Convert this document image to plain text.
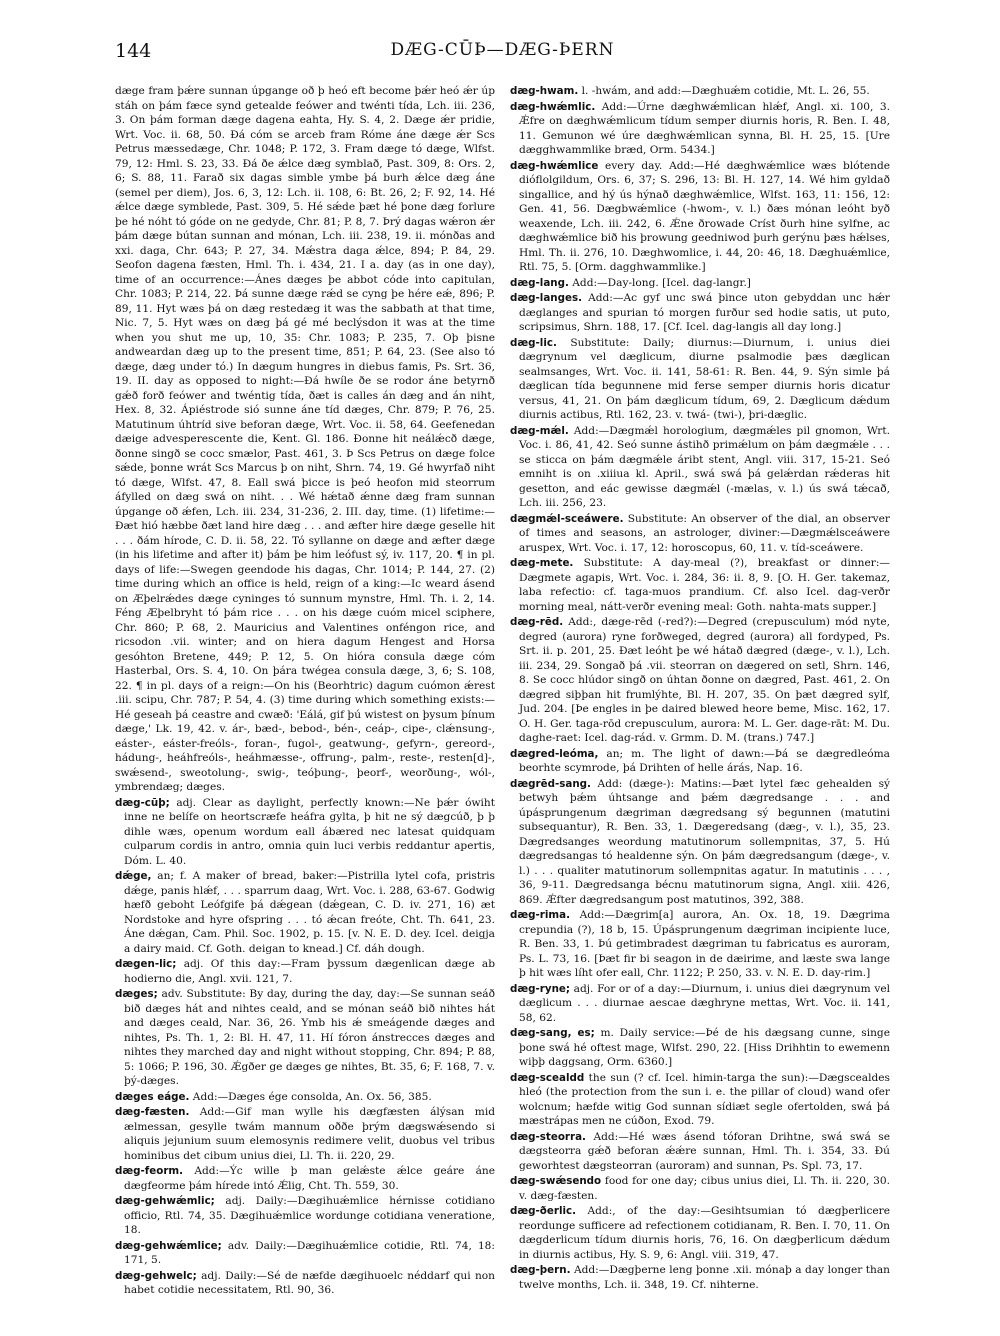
144	DÆG-CŪÞ—DÆG-ÞERN

dæge fram þǽre sunnan úpgange oð þ heó eft become þǽr heó ǽr úp stáh on þám fæce synd getealde feówer and twénti tída, Lch. iii. 236, 3. On þám forman dæge dagena eahta, Hy. S. 4, 2. Dæge ǽr pridie, Wrt. Voc. ii. 68, 50. Ðá cóm se arceb fram Róme áne dæge ǽr Scs Petrus mæssedæge, Chr. 1048; P. 172, 3. Fram dæge tó dæge, Wlfst. 79, 12: Hml. S. 23, 33. Ðá ðe ǽlce dæg symblað, Past. 309, 8: Ors. 2, 6; S. 88, 11. Farað six dagas simble ymbe þá burh ǽlce dæg áne (semel per diem), Jos. 6, 3, 12: Lch. ii. 108, 6: Bt. 26, 2; F. 92, 14. Hé ǽlce dæge symblede, Past. 309, 5. Hé sǽde þæt hé þone dæg forlure þe hé nóht tó góde on ne gedyde, Chr. 81; P. 8, 7. Þrý dagas wǽron ǽr þám dæge bútan sunnan and mónan, Lch. iii. 238, 19. ii. mónðas and xxi. daga, Chr. 643; P. 27, 34. Mǽstra daga ǽlce, 894; P. 84, 29. Seofon dagena fæsten, Hml. Th. i. 434, 21. I a. day (as in one day), time of an occurrence:—Ánes dæges þe abbot códe into capitulan, Chr. 1083; P. 214, 22. Þá sunne dæge rǽd se cyng þe hére eǽ, 896; P. 89, 11. Hyt wæs þá on dæg restedæg it was the sabbath at that time, Nic. 7, 5. Hyt wæs on dæg þá gé mé beclýsdon it was at the time when you shut me up, 10, 35: Chr. 1083; P. 235, 7. Oþ þisne andweardan dæg up to the present time, 851; P. 64, 23. (See also tó dæge, dæg under tó.) In dægum hungres in diebus famis, Ps. Srt. 36, 19. II. day as opposed to night:—Ðá hwíle ðe se rodor áne betyrnð gǽð forð feówer and twéntig tída, ðæt is calles án dæg and án niht, Hex. 8, 32. Ápiéstrode sió sunne áne tíd dæges, Chr. 879; P. 76, 25. Matutinum úhtríd sive beforan dæge, Wrt. Voc. ii. 58, 64. Geefenedan dæige advesperescente die, Kent. Gl. 186. Ðonne hit neálǽcð dæge, ðonne singð se cocc smælor, Past. 461, 3. Þ Scs Petrus on dæge folce sǽde, þonne wrát Scs Marcus þ on niht, Shrn. 74, 19. Gé hwyrfað niht tó dæge, Wlfst. 47, 8. Eall swá þicce is þeó heofon mid steorrum áfylled on dæg swá on niht. . . Wé hǽtað ǽnne dæg fram sunnan úpgange oð ǽfen, Lch. iii. 234, 31-236, 2. III. day, time. (1) lifetime:—Ðæt hió hæbbe ðæt land hire dæg . . . and æfter hire dæge geselle hit . . . ðám hírode, C. D. ii. 58, 22. Tó syllanne on dæge and æfter dæge (in his lifetime and after it) þám þe him leófust sý, iv. 117, 20. ¶ in pl. days of life:—Swegen geendode his dagas, Chr. 1014; P. 144, 27. (2) time during which an office is held, reign of a king:—Ic weard ásend on Æþelrǽdes dæge cyninges tó sunnum mynstre, Hml. Th. i. 2, 14. Féng Æþelbryht tó þám rice . . . on his dæge cuóm micel sciphere, Chr. 860; P. 68, 2. Mauricius and Valentines onféngon rice, and ricsodon .vii. winter; and on hiera dagum Hengest and Horsa gesóhton Bretene, 449; P. 12, 5. On hióra consula dæge cóm Hasterbal, Ors. S. 4, 10. On þára twégea consula dæge, 3, 6; S. 108, 22. ¶ in pl. days of a reign:—On his (Beorhtric) dagum cuómon ǽrest .iii. scipu, Chr. 787; P. 54, 4. (3) time during which something exists:—Hé geseah þá ceastre and cwæð: 'Eálá, gif þú wistest on þysum þínum dæge,' Lk. 19, 42. v. ár-, bæd-, bebod-, bén-, ceáp-, cipe-, clǽnsung-, eáster-, eáster-freóls-, foran-, fugol-, geatwung-, gefyrn-, gereord-, hádung-, heáhfreóls-, heáhmæsse-, offrung-, palm-, reste-, resten[d]-, swǽsend-, sweotolung-, swig-, teóþung-, þeorf-, weorðung-, wól-, ymbrendæg; dæges.

dæg-cūþ; adj. Clear as daylight, perfectly known:—Ne þǽr ówiht inne ne belífe on heortscræfe heáfra gylta, þ hit ne sý dægcúð, þ þ dihle wæs, openum wordum eall ábæred nec latesat quidquam culparum cordis in antro, omnia quin luci verbis reddantur apertis, Dóm. L. 40.

dǽge, an; f. A maker of bread, baker:—Pistrilla lytel cofa, pristris dǽge, panis hlǽf, . . . sparrum daag, Wrt. Voc. i. 288, 63-67. Godwig hæfð geboht Leófgife þá dǽgean (dǽgean, C. D. iv. 271, 16) æt Nordstoke and hyre ofspring . . . tó ǽcan freóte, Cht. Th. 641, 23. Áne dǽgan, Cam. Phil. Soc. 1902, p. 15. [v. N. E. D. dey. Icel. deigja a dairy maid. Cf. Goth. deigan to knead.] Cf. dáh dough.

dægen-lic; adj. Of this day:—Fram þyssum dægenlican dæge ab hodierno die, Angl. xvii. 121, 7.

dæges; adv. Substitute: By day, during the day, day:—Se sunnan seáð bið dæges hát and nihtes ceald, and se mónan seáð bið nihtes hát and dæges ceald, Nar. 36, 26. Ymb his ǽ smeágende dæges and nihtes, Ps. Th. 1, 2: Bl. H. 47, 11. Hí fóron ánstrecces dæges and nihtes they marched day and night without stopping, Chr. 894; P. 88, 5: 1066; P. 196, 30. Ǽgðer ge dæges ge nihtes, Bt. 35, 6; F. 168, 7. v. þý-dæges.

dæges eáge. Add:—Dæges ége consolda, An. Ox. 56, 385.

dæg-fæsten. Add:—Gif man wylle his dægfæsten álýsan mid ælmessan, gesylle twám mannum oððe þrým dægswǽsendo si aliquis jejunium suum elemosynis redimere velit, duobus vel tribus hominibus det cibum unius diei, Ll. Th. ii. 220, 29.

dæg-feorm. Add:—Ýc wille þ man gelǽste ǽlce geáre áne dægfeorme þám hírede intó Ǽlig, Cht. Th. 559, 30.

dæg-gehwǽmlic; adj. Daily:—Dægihuǽmlice hérnisse cotidiano officio, Rtl. 74, 35. Dægihuǽmlice wordunge cotidiana veneratione, 18.

dæg-gehwǽmlice; adv. Daily:—Dægihuǽmlice cotidie, Rtl. 74, 18: 171, 5.

dæg-gehwelc; adj. Daily:—Sé de næfde dægihuoelc néddarf qui non habet cotidie necessitatem, Rtl. 90, 36.

dæg-hwam. l. -hwám, and add:—Dæghuǽm cotidie, Mt. L. 26, 55.

dæg-hwǽmlic. Add:—Úrne dæghwǽmlican hlǽf, Angl. xi. 100, 3. Ǽfre on dæghwǽmlicum tídum semper diurnis horis, R. Ben. I. 48, 11. Gemunon wé úre dæghwǽmlican synna, Bl. H. 25, 15. [Ure dægghwammlike bræd, Orm. 5434.]

dæg-hwǽmlice every day. Add:—Hé dæghwǽmlice wæs blótende dióflolgildum, Ors. 6, 37; S. 296, 13: Bl. H. 127, 14. Wé him gyldað singallice, and hý ús hýnað dæghwǽmlice, Wlfst. 163, 11: 156, 12: Gen. 41, 56. Dægbwǽmlice (-hwom-, v. l.) ðæs mónan leóht byð weaxende, Lch. iii. 242, 6. Ǽne ðrowade Críst ðurh hine sylfne, ac dæghwǽmlice bið his þrowung geedniwod þurh gerýnu þæs hǽlses, Hml. Th. ii. 276, 10. Dæghwomlice, i. 44, 20: 46, 18. Dæghuǽmlice, Rtl. 75, 5. [Orm. dagghwammlike.]

dæg-lang. Add:—Day-long. [Icel. dag-langr.]

dæg-langes. Add:—Ac gyf unc swá þince uton gebyddan unc hǽr dæglanges and spurian tó morgen furður sed hodie satis, ut puto, scripsimus, Shrn. 188, 17. [Cf. Icel. dag-langis all day long.]

dæg-lic. Substitute: Daily; diurnus:—Diurnum, i. unius diei dægrynum vel dæglicum, diurne psalmodie þæs dæglican sealmsanges, Wrt. Voc. ii. 141, 58-61: R. Ben. 44, 9. Sýn simle þá dæglican tída begunnene mid ferse semper diurnis horis dicatur versus, 41, 21. On þám dæglicum tídum, 69, 2. Dæglicum dǽdum diurnis actibus, Rtl. 162, 23. v. twá- (twi-), þri-dæglic.

dæg-mǽl. Add:—Dægmǽl horologium, dægmǽles pil gnomon, Wrt. Voc. i. 86, 41, 42. Seó sunne ástihð primǽlum on þám dægmǽle . . . se sticca on þám dægmǽle áribt stent, Angl. viii. 317, 15-21. Seó emniht is on .xiiiua kl. April., swá swá þá gelǽrdan rǽderas hit gesetton, and eác gewisse dægmǽl (-mælas, v. l.) ús swá tǽcað, Lch. iii. 256, 23.

dægmǽl-sceáwere. Substitute: An observer of the dial, an observer of times and seasons, an astrologer, diviner:—Dægmǽlsceáwere aruspex, Wrt. Voc. i. 17, 12: horoscopus, 60, 11. v. tíd-sceáwere.

dæg-mete. Substitute: A day-meal (?), breakfast or dinner:—Dægmete agapis, Wrt. Voc. i. 284, 36: ii. 8, 9. [O. H. Ger. takemaz, laba refectio: cf. taga-muos prandium. Cf. also Icel. dag-verðr morning meal, nátt-verðr evening meal: Goth. nahta-mats supper.]

dæg-rēd. Add:, dæge-rēd (-red?):—Degred (crepusculum) mód nyte, degred (aurora) ryne forðweged, degred (aurora) all fordyped, Ps. Srt. ii. p. 201, 25. Ðæt leóht þe wé hátað dægred (dæge-, v. l.), Lch. iii. 234, 29. Songað þá .vii. steorran on dægered on setl, Shrn. 146, 8. Se cocc hlúdor singð on úhtan ðonne on dægred, Past. 461, 2. On dægred siþþan hit frumlýhte, Bl. H. 207, 35. On þæt dægred sylf, Jud. 204. [Þe engles in þe daired blewed heore beme, Misc. 162, 17. O. H. Ger. taga-rōd crepusculum, aurora: M. L. Ger. dage-rāt: M. Du. daghe-raet: Icel. dag-rád. v. Grmm. D. M. (trans.) 747.]

dægred-leóma, an; m. The light of dawn:—Þá se dægredleóma beorhte scymrode, þá Drihten of helle árás, Nap. 16.

dægrēd-sang. Add: (dæge-): Matins:—Þæt lytel fæc gehealden sý betwyh þǽm úhtsange and þǽm dægredsange . . . and úpásprungenum dægriman dægredsang sý begunnen (matutini subsequantur), R. Ben. 33, 1. Dægeredsang (dæg-, v. l.), 35, 23. Dægredsanges weordung matutinorum sollempnitas, 37, 5. Hú dægredsangas tó healdenne sýn. On þám dægredsangum (dæge-, v. l.) . . . qualiter matutinorum sollempnitas agatur. In matutinis . . . , 36, 9-11. Dægredsanga bécnu matutinorum signa, Angl. xiii. 426, 869. Ǽfter dægredsangum post matutinos, 392, 388.

dæg-rima. Add:—Dægrim[a] aurora, An. Ox. 18, 19. Dægrima crepundia (?), 18 b, 15. Úpásprungenum dægriman incipiente luce, R. Ben. 33, 1. Þú getimbradest dægriman tu fabricatus es auroram, Ps. L. 73, 16. [Þæt fir bi seagon in de dæirime, and læste swa lange þ hit wæs líht ofer eall, Chr. 1122; P. 250, 33. v. N. E. D. day-rim.]

dæg-ryne; adj. For or of a day:—Diurnum, i. unius diei dægrynum vel dæglicum . . . diurnae aescae dæghryne mettas, Wrt. Voc. ii. 141, 58, 62.

dæg-sang, es; m. Daily service:—Þé de his dægsang cunne, singe þone swá hé oftest mage, Wlfst. 290, 22. [Hiss Drihhtin to ewemenn wiþþ daggsang, Orm. 6360.]

dæg-scealdd the sun (? cf. Icel. himin-targa the sun):—Dægscealdes hleó (the protection from the sun i. e. the pillar of cloud) wand ofer wolcnum; hæfde witig God sunnan sídiæt segle ofertolden, swá þá mæstrápas men ne cúðon, Exod. 79.

dæg-steorra. Add:—Hé wæs ásend tóforan Drihtne, swá swá se dægsteorra gǽð beforan ǽǽre sunnan, Hml. Th. i. 354, 33. Ðú geworhtest dægsteorran (auroram) and sunnan, Ps. Spl. 73, 17.

dæg-swǽsendo food for one day; cibus unius diei, Ll. Th. ii. 220, 30. v. dæg-fæsten.

dæg-ðerlic. Add:, of the day:—Gesihtsumian tó dægþerlicere reordunge sufficere ad refectionem cotidianam, R. Ben. I. 70, 11. On dægderlicum tídum diurnis horis, 76, 16. On dægþerlicum dǽdum in diurnis actibus, Hy. S. 9, 6: Angl. viii. 319, 47.

dæg-þern. Add:—Dægþerne leng þonne .xii. mónaþ a day longer than twelve months, Lch. ii. 348, 19. Cf. nihterne.
